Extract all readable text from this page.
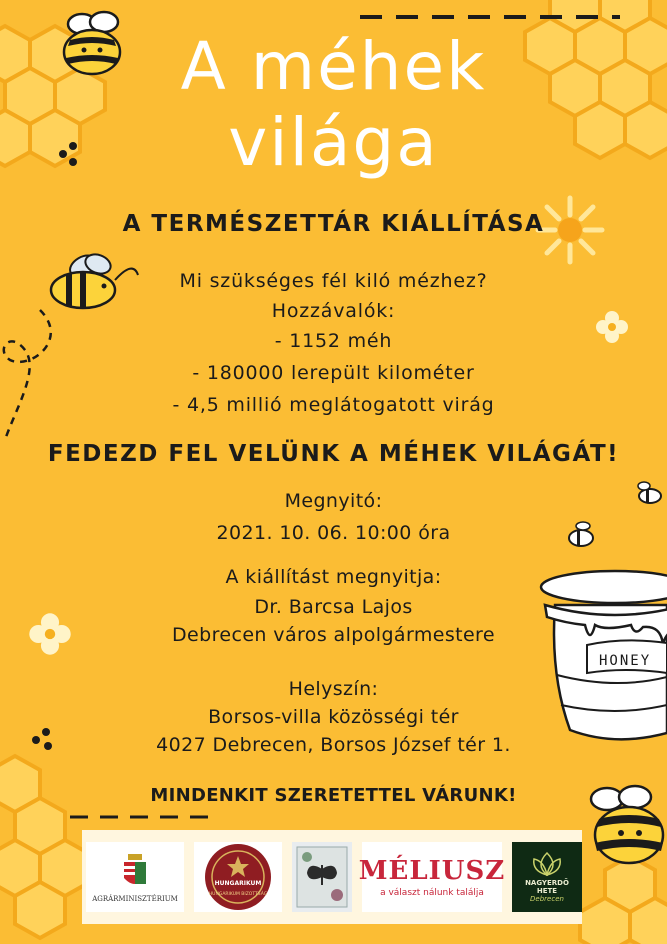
HONEY
A méhek
világa
A TERMÉSZETTÁR KIÁLLÍTÁSA
Mi szükséges fél kiló mézhez?
Hozzávalók:
- 1152 méh
- 180000 lerepült kilométer
- 4,5 millió meglátogatott virág
FEDEZD FEL VELÜNK A MÉHEK VILÁGÁT!
Megnyitó:
2021. 10. 06. 10:00 óra
A kiállítást megnyitja:
Dr. Barcsa Lajos
Debrecen város alpolgármestere
Helyszín:
Borsos-villa közösségi tér
4027 Debrecen, Borsos József tér 1.
MINDENKIT SZERETETTEL VÁRUNK!
AGRÁRMINISZTÉRIUM
HUNGARIKUM
HUNGARIKUM BIZOTTSÁG
MÉLIUSZ
a választ nálunk találja
NAGYERDŐ
HETE
Debrecen
